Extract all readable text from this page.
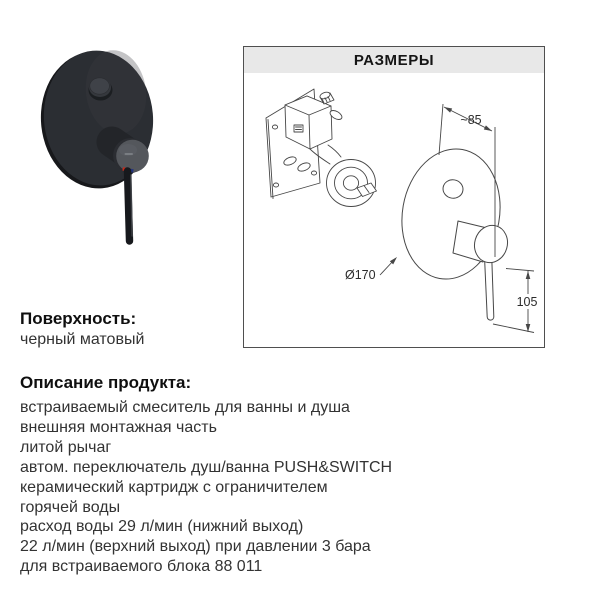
РАЗМЕРЫ
~85
Ø170
105
Поверхность:
черный матовый
Описание продукта:
встраиваемый смеситель для ванны и душа
внешняя монтажная часть
литой рычаг
автом. переключатель душ/ванна PUSH&SWITCH
керамический картридж с ограничителем
горячей воды
расход воды 29 л/мин (нижний выход)
22 л/мин (верхний выход) при давлении 3 бара
для встраиваемого блока 88 011
